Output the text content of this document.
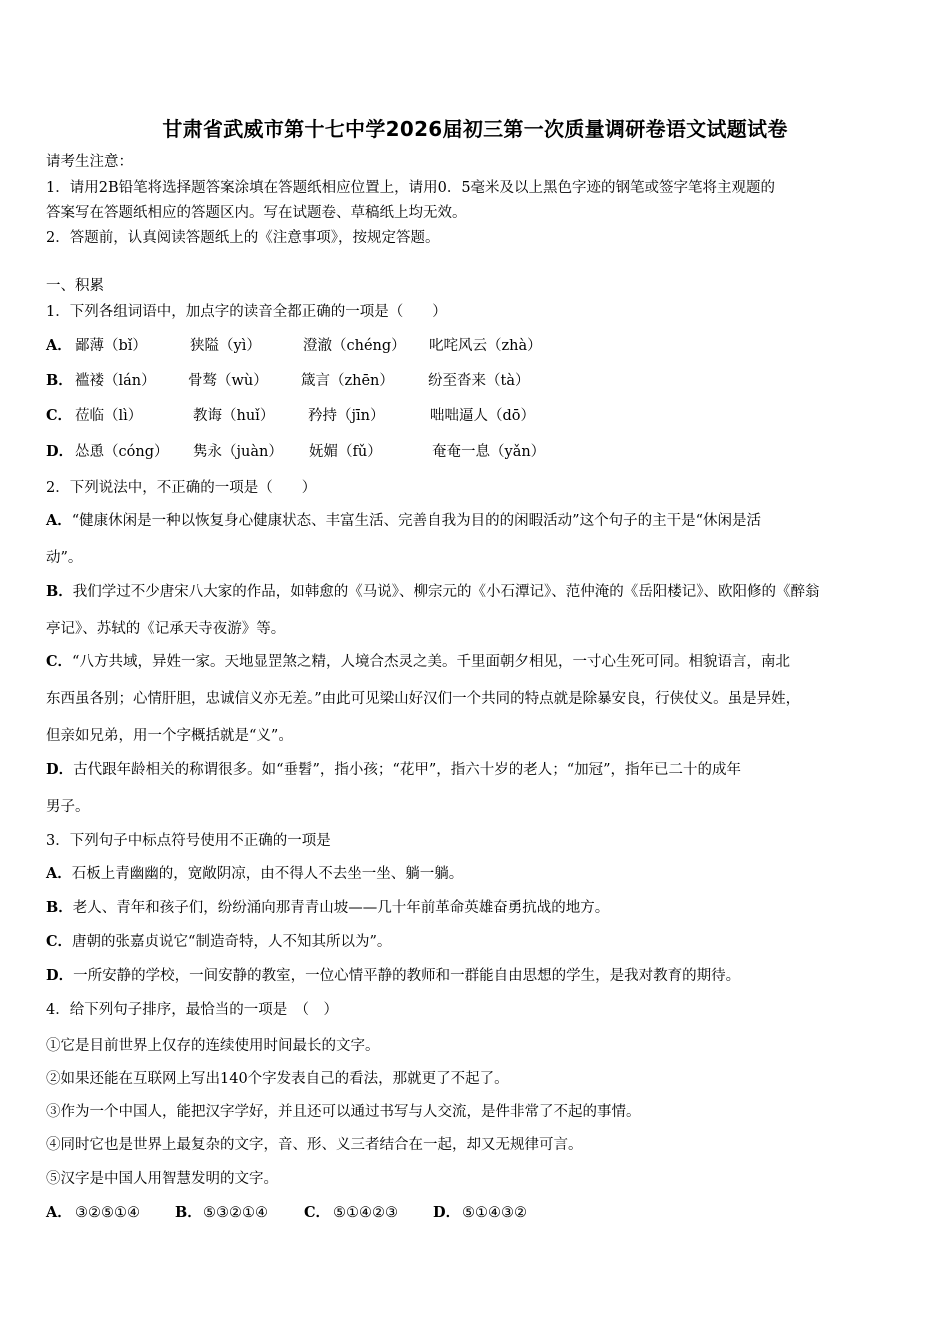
甘肃省武威市第十七中学2026届初三第一次质量调研卷语文试题试卷
请考生注意：
1．请用2B铅笔将选择题答案涂填在答题纸相应位置上，请用0．5毫米及以上黑色字迹的钢笔或签字笔将主观题的
答案写在答题纸相应的答题区内。写在试题卷、草稿纸上均无效。
2．答题前，认真阅读答题纸上的《注意事项》，按规定答题。
一、积累
1．下列各组词语中，加点字的读音全都正确的一项是（　　）
A． 鄙薄（bǐ）	狭隘（yì）	澄澈（chéng） 叱咤风云（zhà）
B． 褴褛（lán） 骨骜（wù） 箴言（zhēn） 纷至沓来（tà）
C． 莅临（lì）	教诲（huǐ） 矜持（jīn）	咄咄逼人（dō）
D． 怂恿（cóng） 隽永（juàn） 妩媚（fǔ）	奄奄一息（yǎn）
2．下列说法中，不正确的一项是（　　）
A．“健康休闲是一种以恢复身心健康状态、丰富生活、完善自我为目的的闲暇活动”这个句子的主干是“休闲是活
动”。
B．我们学过不少唐宋八大家的作品，如韩愈的《马说》、柳宗元的《小石潭记》、范仲淹的《岳阳楼记》、欧阳修的《醉翁
亭记》、苏轼的《记承天寺夜游》等。
C．“八方共域，异姓一家。天地显罡煞之精，人境合杰灵之美。千里面朝夕相见，一寸心生死可同。相貌语言，南北
东西虽各别；心情肝胆，忠诚信义亦无差。”由此可见梁山好汉们一个共同的特点就是除暴安良，行侠仗义。虽是异姓，
但亲如兄弟，用一个字概括就是“义”。
D．古代跟年龄相关的称谓很多。如“垂髫”，指小孩；“花甲”，指六十岁的老人；“加冠”，指年已二十的成年
男子。
3．下列句子中标点符号使用不正确的一项是
A．石板上青幽幽的，宽敞阴凉，由不得人不去坐一坐、躺一躺。
B．老人、青年和孩子们，纷纷涌向那青青山坡——几十年前革命英雄奋勇抗战的地方。
C．唐朝的张嘉贞说它“制造奇特，人不知其所以为”。
D．一所安静的学校，一间安静的教室，一位心情平静的教师和一群能自由思想的学生，是我对教育的期待。
4．给下列句子排序，最恰当的一项是　（　）
①它是目前世界上仅存的连续使用时间最长的文字。
②如果还能在互联网上写出140个字发表自己的看法，那就更了不起了。
③作为一个中国人，能把汉字学好，并且还可以通过书写与人交流，是件非常了不起的事情。
④同时它也是世界上最复杂的文字，音、形、义三者结合在一起，却又无规律可言。
⑤汉字是中国人用智慧发明的文字。
A． ③②⑤①④ B． ⑤③②①④ C． ⑤①④②③ D． ⑤①④③②
